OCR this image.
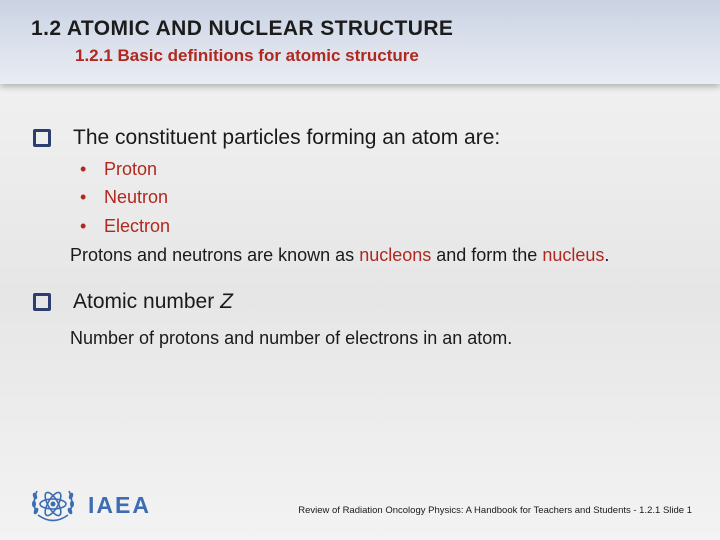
1.2 ATOMIC AND NUCLEAR STRUCTURE
1.2.1 Basic definitions for atomic structure
The constituent particles forming an atom are:
• Proton
• Neutron
• Electron
Protons and neutrons are known as nucleons and form the nucleus.
Atomic number Z
Number of protons and number of electrons in an atom.
IAEA	Review of Radiation Oncology Physics: A Handbook for Teachers and Students - 1.2.1 Slide 1
